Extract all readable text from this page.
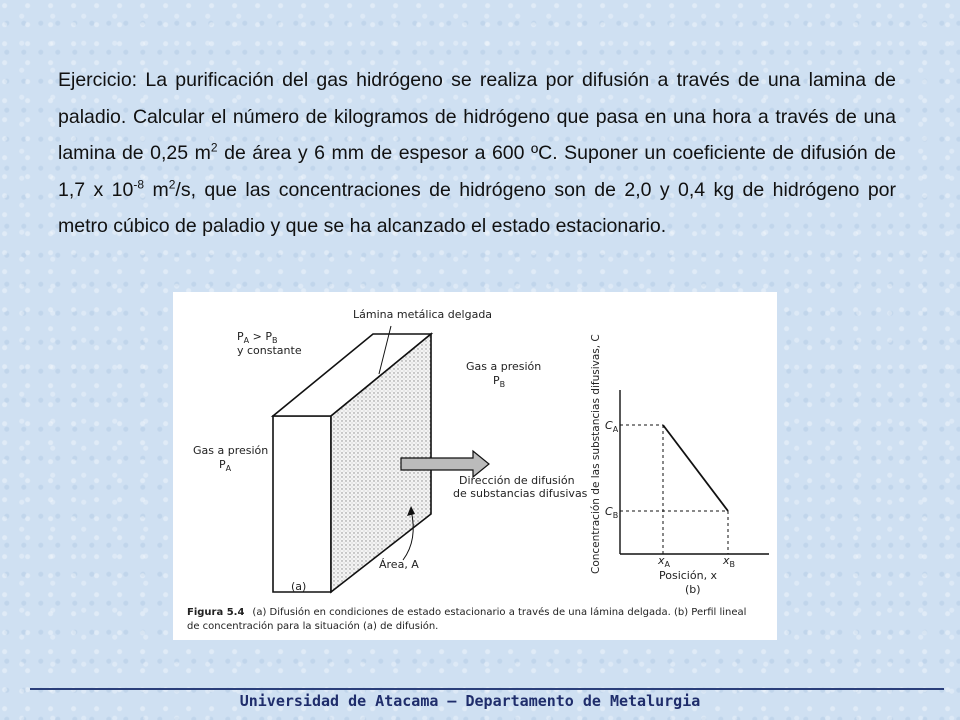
Ejercicio: La purificación del gas hidrógeno se realiza por difusión a través de una lamina de paladio. Calcular el número de kilogramos de hidrógeno que pasa en una hora a través de una lamina de 0,25 $m^2$ de área y 6 mm de espesor a 600 ºC. Suponer un coeficiente de difusión de 1,7 x $10^{-8}$ $m^2/s$, que las concentraciones de hidrógeno son de 2,0 y 0,4 kg de hidrógeno por metro cúbico de paladio y que se ha alcanzado el estado estacionario.
Lámina metálica delgada
$P_A > P_B$
y constante
Gas a presión
$P_B$
Gas a presión
$P_A$
Dirección de difusión
de substancias difusivas
Área, A
(a)
Concentración de las substancias difusivas, C $C_A$
$C_B$
$x_A$	$x_B$
Posición, x
(b)
Figura 5.4 (a) Difusión en condiciones de estado estacionario a través de una lámina delgada. (b) Perfil lineal
de concentración para la situación (a) de difusión.
Universidad de Atacama – Departamento de Metalurgia
